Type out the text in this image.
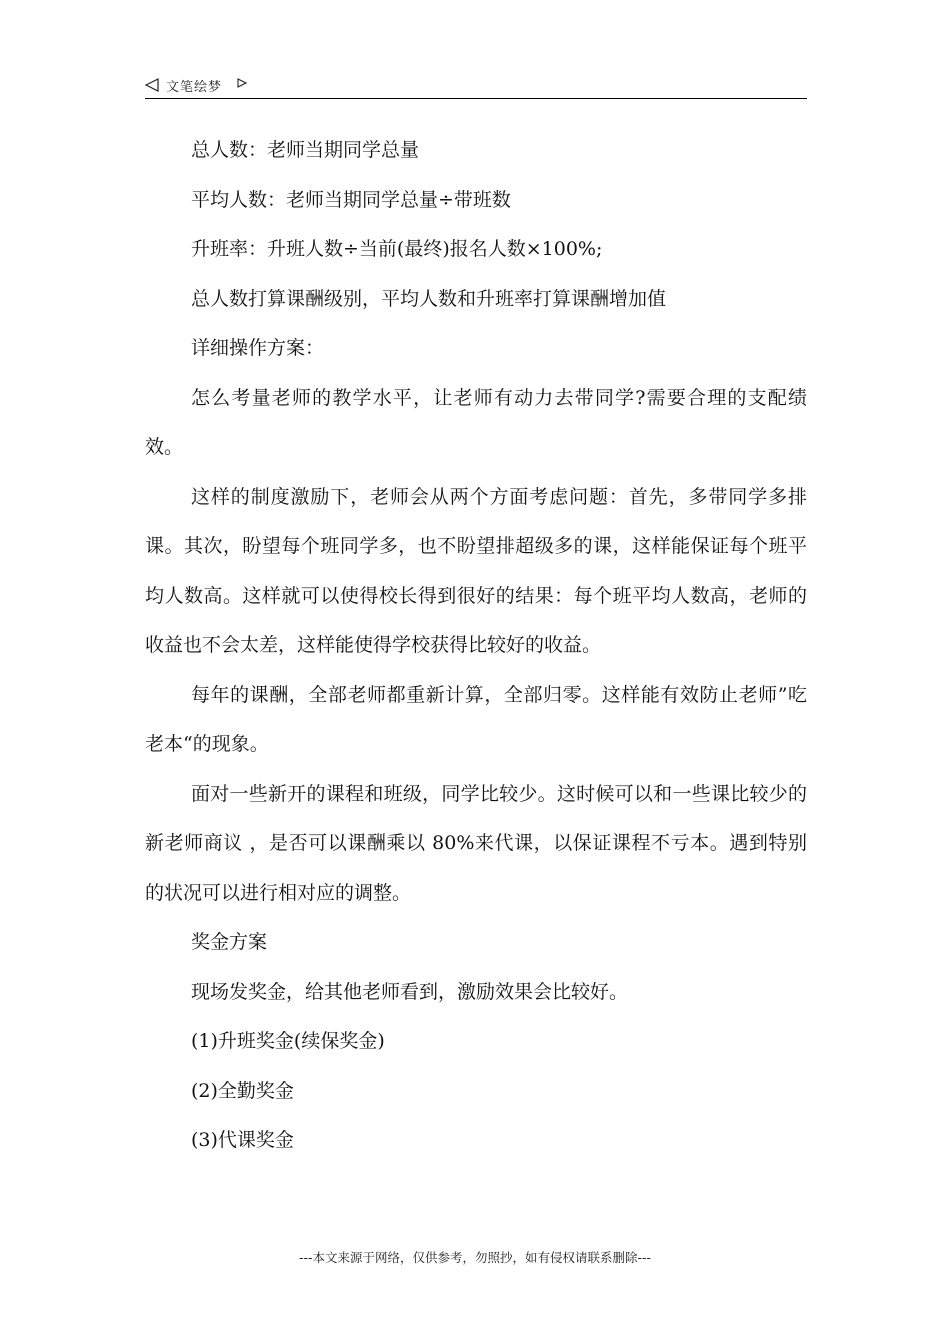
文笔绘梦

总人数：老师当期同学总量

平均人数：老师当期同学总量÷带班数

升班率：升班人数÷当前(最终)报名人数×100%;

总人数打算课酬级别，平均人数和升班率打算课酬增加值

详细操作方案：

怎么考量老师的教学水平，让老师有动力去带同学?需要合理的支配绩效。

这样的制度激励下，老师会从两个方面考虑问题：首先，多带同学多排课。其次，盼望每个班同学多，也不盼望排超级多的课，这样能保证每个班平均人数高。这样就可以使得校长得到很好的结果：每个班平均人数高，老师的收益也不会太差，这样能使得学校获得比较好的收益。

每年的课酬，全部老师都重新计算，全部归零。这样能有效防止老师”吃老本“的现象。

面对一些新开的课程和班级，同学比较少。这时候可以和一些课比较少的新老师商议 ，是否可以课酬乘以 80%来代课，以保证课程不亏本。遇到特别的状况可以进行相对应的调整。

奖金方案

现场发奖金，给其他老师看到，激励效果会比较好。

(1)升班奖金(续保奖金)

(2)全勤奖金

(3)代课奖金

---本文来源于网络，仅供参考，勿照抄，如有侵权请联系删除---
